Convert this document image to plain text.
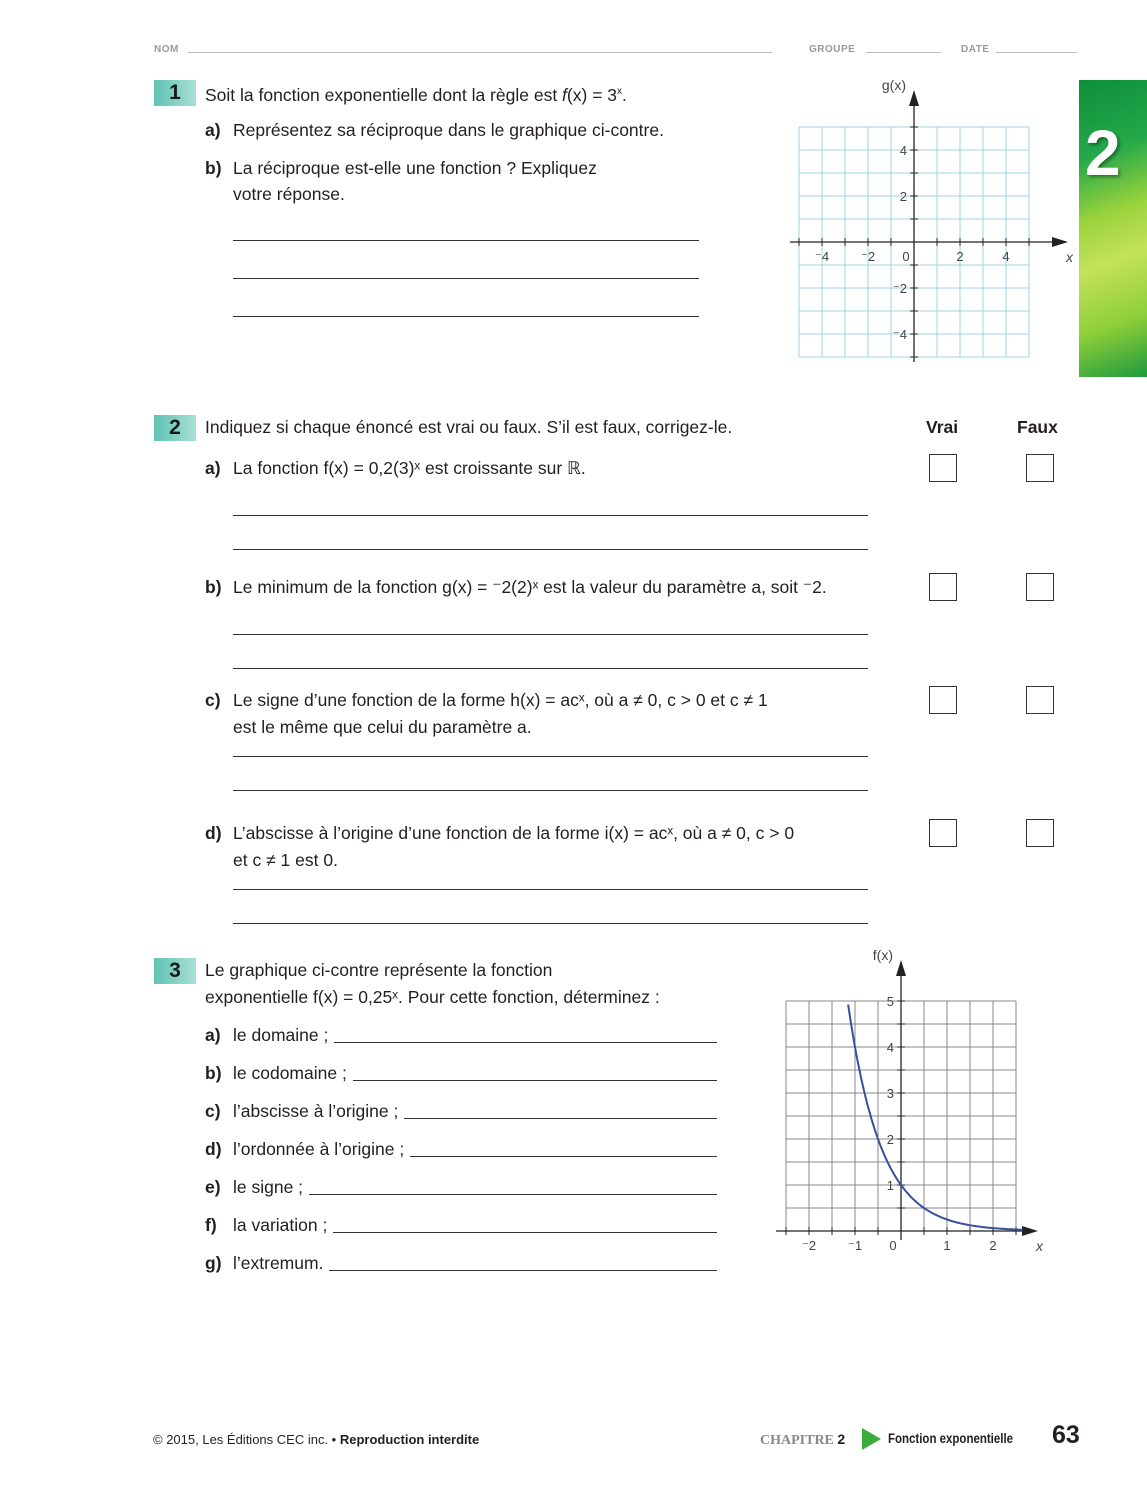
NOM	GROUPE	DATE
2
1	Soit la fonction exponentielle dont la règle est $f(x) = 3^x$.
a) Représentez sa réciproque dans le graphique ci-contre.
b) La réciproque est-elle une fonction ? Expliquez
votre réponse.
⁻4 ⁻2 0	2	4
4
2
⁻2
⁻4
x
g(x)
2	Indiquez si chaque énoncé est vrai ou faux. S’il est faux, corrigez-le.	Vrai	Faux
a) La fonction f(x) = 0,2(3)ˣ est croissante sur ℝ.
b) Le minimum de la fonction g(x) = ⁻2(2)ˣ est la valeur du paramètre a, soit ⁻2.
c) Le signe d’une fonction de la forme h(x) = acˣ, où a ≠ 0, c > 0 et c ≠ 1
est le même que celui du paramètre a.
d) L’abscisse à l’origine d’une fonction de la forme i(x) = acˣ, où a ≠ 0, c > 0
et c ≠ 1 est 0.
3	Le graphique ci-contre représente la fonction
exponentielle f(x) = 0,25ˣ. Pour cette fonction, déterminez :
a) le domaine ;
b) le codomaine ;
c) l’abscisse à l’origine ;
d) l’ordonnée à l’origine ;
e) le signe ;
f) la variation ;
g) l’extremum.
⁻2 ⁻1 0	1	2
5
4
3
2
1
x
f(x)
© 2015, Les Éditions CEC inc. • Reproduction interdite	CHAPITRE 2	Fonction exponentielle 63
